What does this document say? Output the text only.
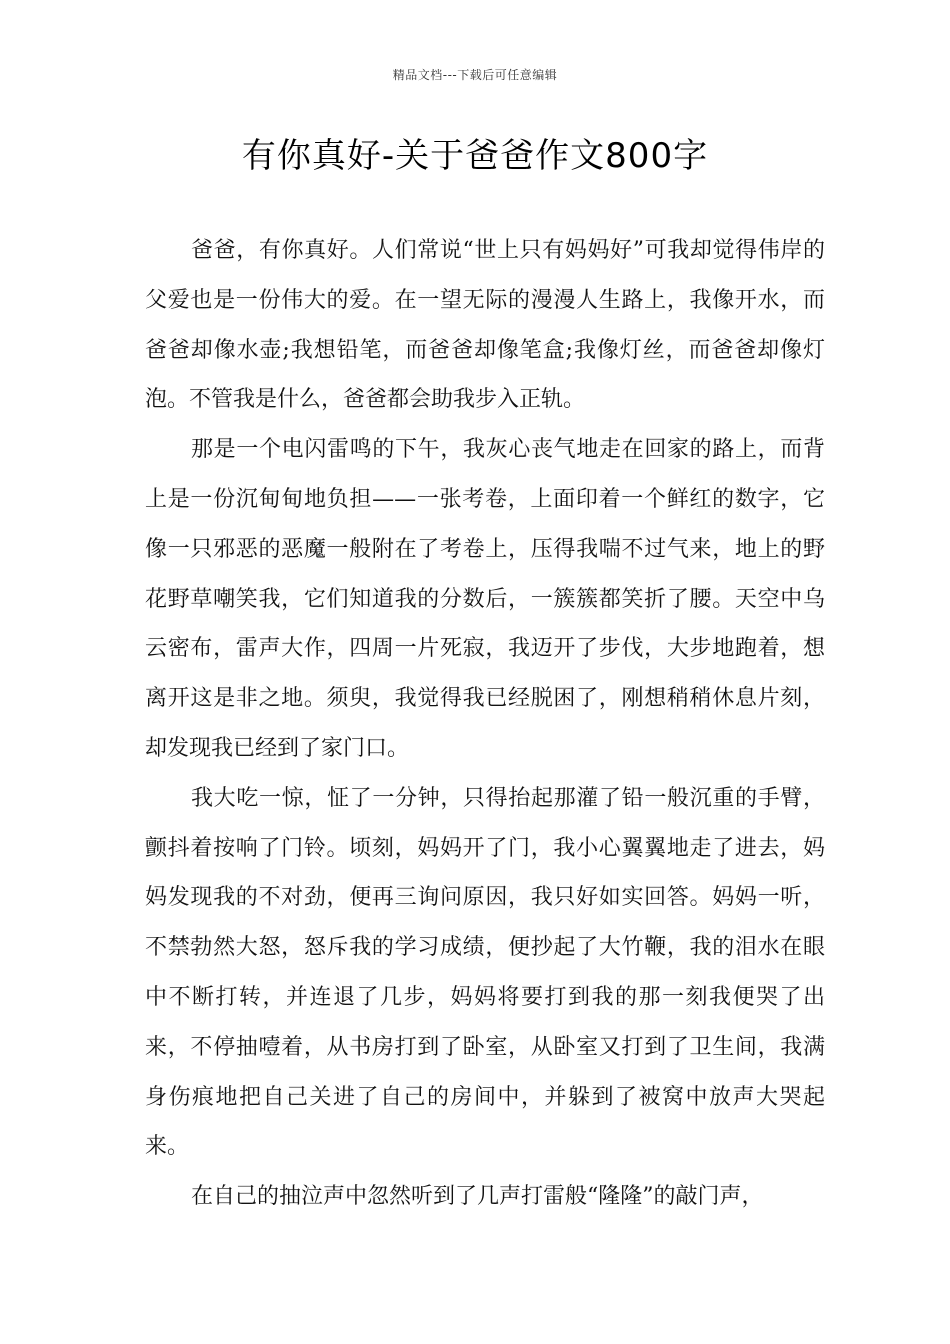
精品文档---下载后可任意编辑
有你真好-关于爸爸作文800字

爸爸，有你真好。人们常说“世上只有妈妈好”可我却觉得伟岸的父爱也是一份伟大的爱。在一望无际的漫漫人生路上，我像开水，而爸爸却像水壶;我想铅笔，而爸爸却像笔盒;我像灯丝，而爸爸却像灯泡。不管我是什么，爸爸都会助我步入正轨。

那是一个电闪雷鸣的下午，我灰心丧气地走在回家的路上，而背上是一份沉甸甸地负担——一张考卷，上面印着一个鲜红的数字，它像一只邪恶的恶魔一般附在了考卷上，压得我喘不过气来，地上的野花野草嘲笑我，它们知道我的分数后，一簇簇都笑折了腰。天空中乌云密布，雷声大作，四周一片死寂，我迈开了步伐，大步地跑着，想离开这是非之地。须臾，我觉得我已经脱困了，刚想稍稍休息片刻，却发现我已经到了家门口。

我大吃一惊，怔了一分钟，只得抬起那灌了铅一般沉重的手臂，颤抖着按响了门铃。顷刻，妈妈开了门，我小心翼翼地走了进去，妈妈发现我的不对劲，便再三询问原因，我只好如实回答。妈妈一听，不禁勃然大怒，怒斥我的学习成绩，便抄起了大竹鞭，我的泪水在眼中不断打转，并连退了几步，妈妈将要打到我的那一刻我便哭了出来，不停抽噎着，从书房打到了卧室，从卧室又打到了卫生间，我满身伤痕地把自己关进了自己的房间中，并躲到了被窝中放声大哭起来。

在自己的抽泣声中忽然听到了几声打雷般“隆隆”的敲门声，
